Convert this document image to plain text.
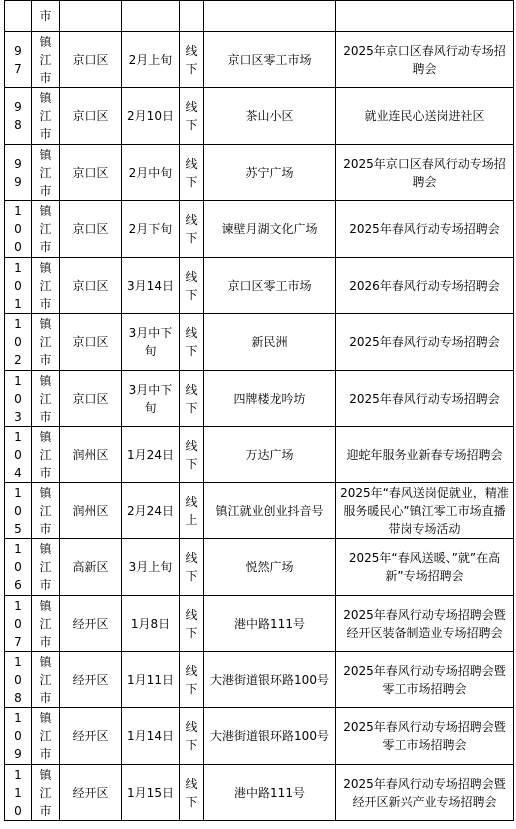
	市					

97	镇江市	京口区	2月上旬	线下	京口区零工市场	2025年京口区春风行动专场招聘会

98	镇江市	京口区	2月10日	线下	茶山小区	就业连民心送岗进社区

99	镇江市	京口区	2月中旬	线下	苏宁广场	2025年京口区春风行动专场招聘会

100	镇江市	京口区	2月下旬	线下	谏壁月湖文化广场	2025年春风行动专场招聘会

101	镇江市	京口区	3月14日	线下	京口区零工市场	2026年春风行动专场招聘会

102	镇江市	京口区	3月中下旬	线下	新民洲	2025年春风行动专场招聘会

103	镇江市	京口区	3月中下旬	线下	四牌楼龙吟坊	2025年春风行动专场招聘会

104	镇江市	润州区	1月24日	线下	万达广场	迎蛇年服务业新春专场招聘会

105	镇江市	润州区	2月24日	线上	镇江就业创业抖音号	2025年“春风送岗促就业，精准服务暖民心”镇江零工市场直播带岗专场活动

106	镇江市	高新区	3月上旬	线下	悦然广场	2025年“春风送暖、”就”在高新”专场招聘会

107	镇江市	经开区	1月8日	线下	港中路111号	2025年春风行动专场招聘会暨经开区装备制造业专场招聘会

108	镇江市	经开区	1月11日	线下	大港街道银环路100号	2025年春风行动专场招聘会暨零工市场招聘会

109	镇江市	经开区	1月14日	线下	大港街道银环路100号	2025年春风行动专场招聘会暨零工市场招聘会

110	镇江市	经开区	1月15日	线下	港中路111号	2025年春风行动专场招聘会暨经开区新兴产业专场招聘会
